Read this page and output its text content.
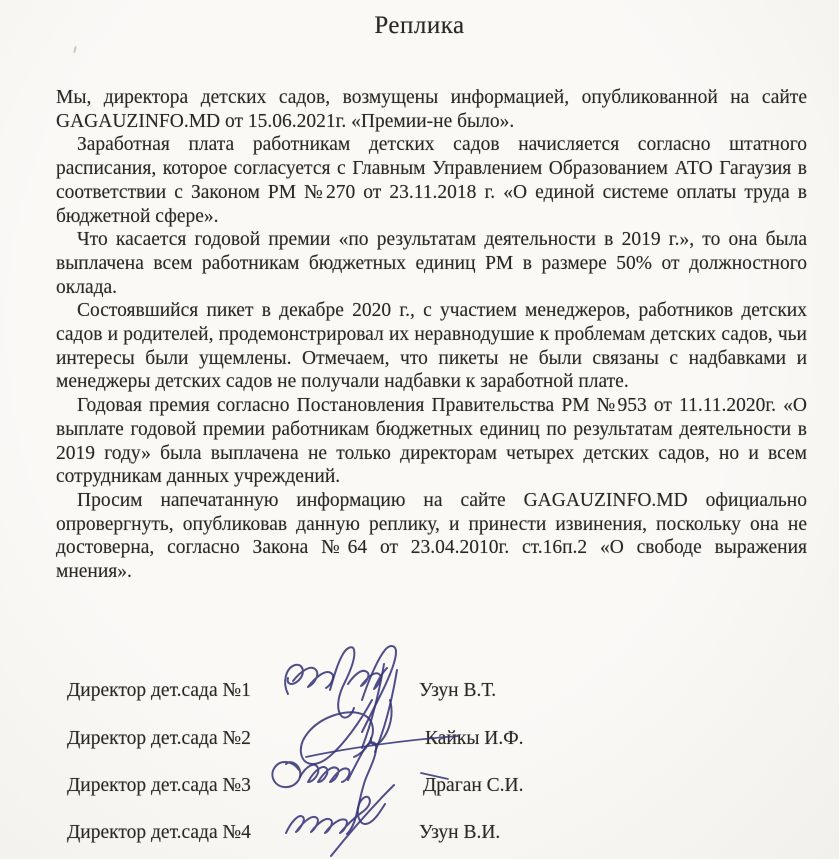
Реплика

Мы, директора детских садов, возмущены информацией, опубликованной на сайте GAGAUZINFO.MD от 15.06.2021г. «Премии-не было».

Заработная плата работникам детских садов начисляется согласно штатного расписания, которое согласуется с Главным Управлением Образованием АТО Гагаузия в соответствии с Законом РМ №270 от 23.11.2018 г. «О единой системе оплаты труда в бюджетной сфере».

Что касается годовой премии «по результатам деятельности в 2019 г.», то она была выплачена всем работникам бюджетных единиц РМ в размере 50% от должностного оклада.

Состоявшийся пикет в декабре 2020 г., с участием менеджеров, работников детских садов и родителей, продемонстрировал их неравнодушие к проблемам детских садов, чьи интересы были ущемлены. Отмечаем, что пикеты не были связаны с надбавками и менеджеры детских садов не получали надбавки к заработной плате.

Годовая премия согласно Постановления Правительства РМ №953 от 11.11.2020г. «О выплате годовой премии работникам бюджетных единиц по результатам деятельности в 2019 году» была выплачена не только директорам четырех детских садов, но и всем сотрудникам данных учреждений.

Просим напечатанную информацию на сайте GAGAUZINFO.MD официально опровергнуть, опубликовав данную реплику, и принести извинения, поскольку она не достоверна, согласно Закона №64 от 23.04.2010г. ст.16п.2 «О свободе выражения мнения».

Директор дет.сада №1	Узун В.Т.
Директор дет.сада №2	Кайкы И.Ф.
Директор дет.сада №3	Драган С.И.
Директор дет.сада №4	Узун В.И.
